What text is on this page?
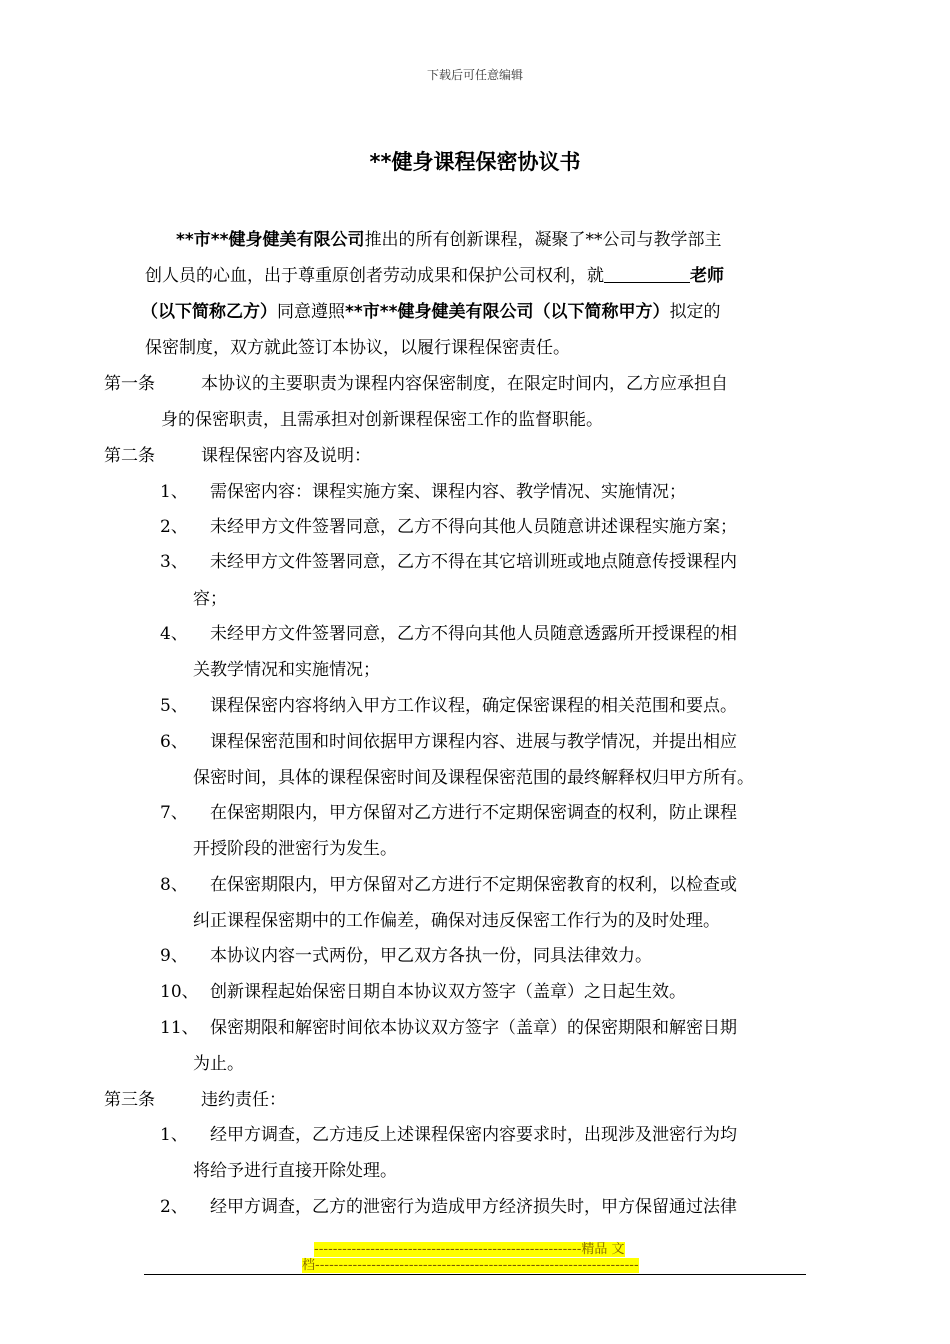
下载后可任意编辑
**健身课程保密协议书
**市**健身健美有限公司推出的所有创新课程，凝聚了**公司与教学部主
创人员的心血，出于尊重原创者劳动成果和保护公司权利，就	老师
（以下简称乙方）同意遵照**市**健身健美有限公司（以下简称甲方）拟定的
保密制度，双方就此签订本协议，以履行课程保密责任。
第一条	本协议的主要职责为课程内容保密制度，在限定时间内，乙方应承担自
身的保密职责，且需承担对创新课程保密工作的监督职能。
第二条	课程保密内容及说明：
1、 需保密内容：课程实施方案、课程内容、教学情况、实施情况；
2、 未经甲方文件签署同意，乙方不得向其他人员随意讲述课程实施方案；
3、 未经甲方文件签署同意，乙方不得在其它培训班或地点随意传授课程内
容；
4、 未经甲方文件签署同意，乙方不得向其他人员随意透露所开授课程的相
关教学情况和实施情况；
5、 课程保密内容将纳入甲方工作议程，确定保密课程的相关范围和要点。
6、 课程保密范围和时间依据甲方课程内容、进展与教学情况，并提出相应
保密时间，具体的课程保密时间及课程保密范围的最终解释权归甲方所有。
7、 在保密期限内，甲方保留对乙方进行不定期保密调查的权利，防止课程
开授阶段的泄密行为发生。
8、 在保密期限内，甲方保留对乙方进行不定期保密教育的权利，以检查或
纠正课程保密期中的工作偏差，确保对违反保密工作行为的及时处理。
9、 本协议内容一式两份，甲乙双方各执一份，同具法律效力。
10、 创新课程起始保密日期自本协议双方签字（盖章）之日起生效。
11、 保密期限和解密时间依本协议双方签字（盖章）的保密期限和解密日期
为止。
第三条	违约责任：
1、 经甲方调查，乙方违反上述课程保密内容要求时，出现涉及泄密行为均
将给予进行直接开除处理。
2、 经甲方调查，乙方的泄密行为造成甲方经济损失时，甲方保留通过法律
---------------------------------------------------------精品 文
档---------------------------------------------------------------------
